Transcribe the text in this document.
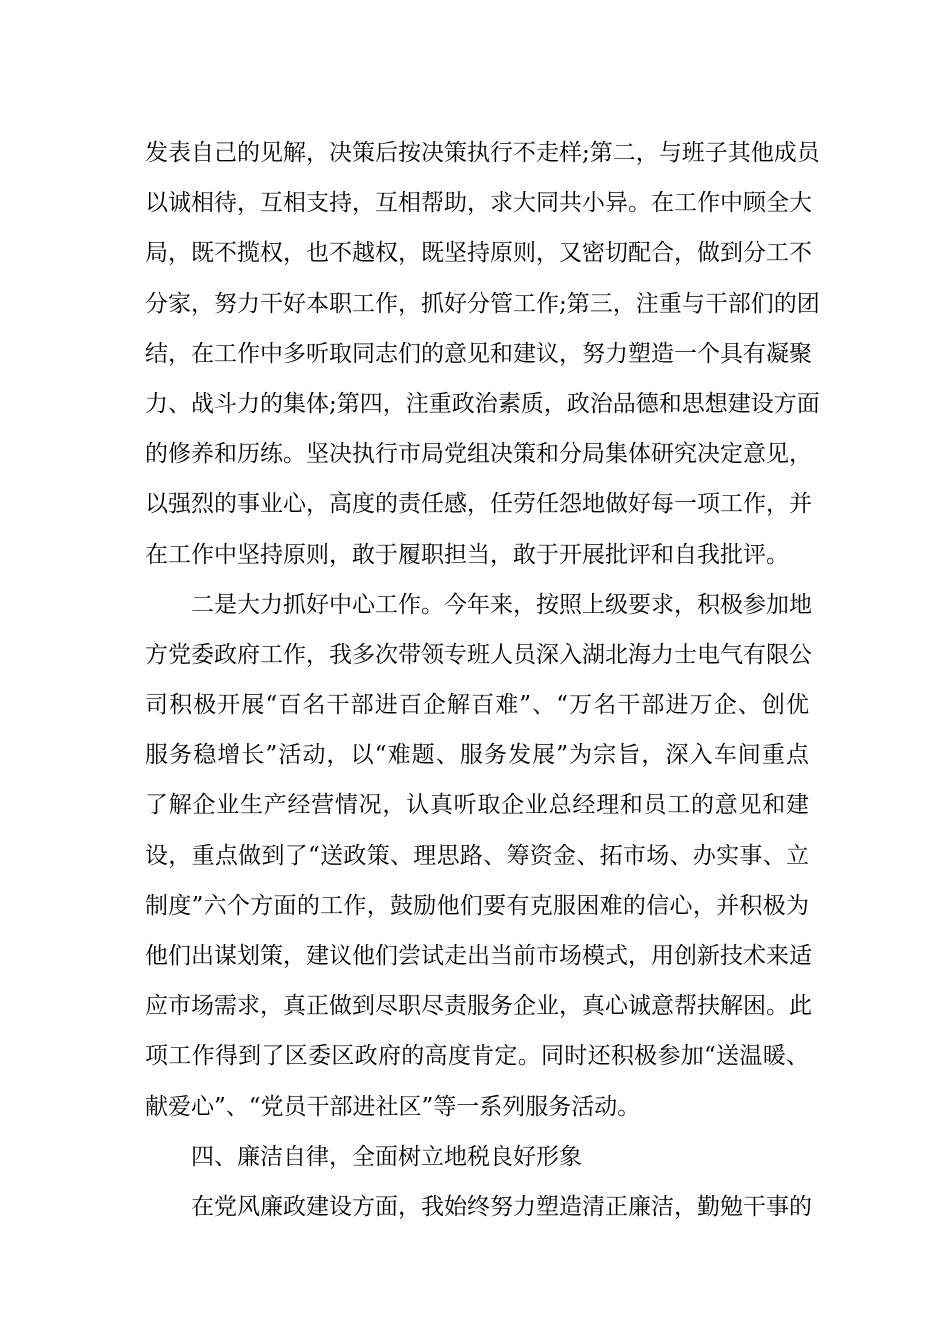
发表自己的见解，决策后按决策执行不走样;第二，与班子其他成员
以诚相待，互相支持，互相帮助，求大同共小异。在工作中顾全大
局，既不揽权，也不越权，既坚持原则，又密切配合，做到分工不
分家，努力干好本职工作，抓好分管工作;第三，注重与干部们的团
结，在工作中多听取同志们的意见和建议，努力塑造一个具有凝聚
力、战斗力的集体;第四，注重政治素质，政治品德和思想建设方面
的修养和历练。坚决执行市局党组决策和分局集体研究决定意见，
以强烈的事业心，高度的责任感，任劳任怨地做好每一项工作，并
在工作中坚持原则，敢于履职担当，敢于开展批评和自我批评。
二是大力抓好中心工作。今年来，按照上级要求，积极参加地
方党委政府工作，我多次带领专班人员深入湖北海力士电气有限公
司积极开展“百名干部进百企解百难”、“万名干部进万企、创优
服务稳增长”活动，以“难题、服务发展”为宗旨，深入车间重点
了解企业生产经营情况，认真听取企业总经理和员工的意见和建
设，重点做到了“送政策、理思路、筹资金、拓市场、办实事、立
制度”六个方面的工作，鼓励他们要有克服困难的信心，并积极为
他们出谋划策，建议他们尝试走出当前市场模式，用创新技术来适
应市场需求，真正做到尽职尽责服务企业，真心诚意帮扶解困。此
项工作得到了区委区政府的高度肯定。同时还积极参加“送温暖、
献爱心”、“党员干部进社区”等一系列服务活动。
四、廉洁自律，全面树立地税良好形象
在党风廉政建设方面，我始终努力塑造清正廉洁，勤勉干事的
